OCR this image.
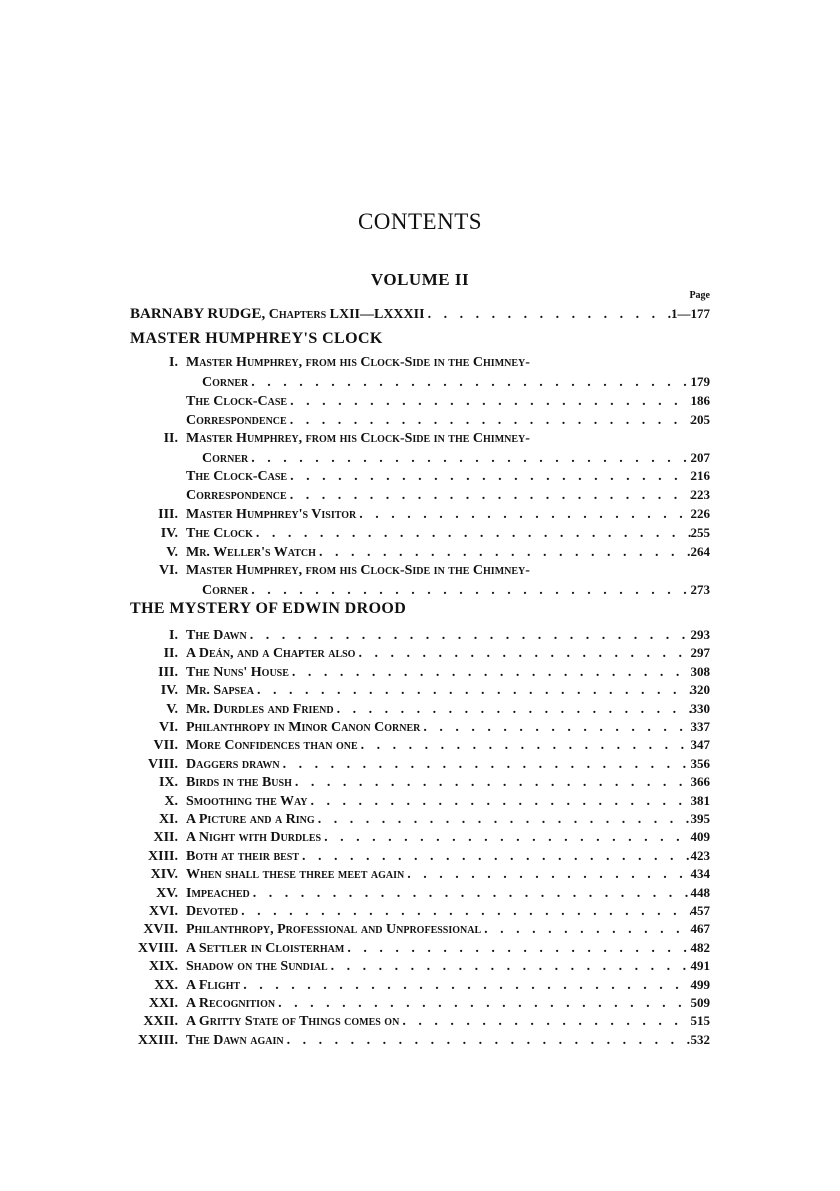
CONTENTS
VOLUME II
Page
BARNABY RUDGE, Chapters LXII—LXXXII . . .	1—177
MASTER HUMPHREY'S CLOCK
I. Master Humphrey, from his Clock-Side in the Chimney-
Corner . . .	179
The Clock-Case . . .	186
Correspondence . . .	205
II. Master Humphrey, from his Clock-Side in the Chimney-
Corner . . .	207
The Clock-Case . . .	216
Correspondence . . .	223
III. Master Humphrey's Visitor . . .	226
IV. The Clock . . .	255
V. Mr. Weller's Watch . . .	264
VI. Master Humphrey, from his Clock-Side in the Chimney-
Corner . . .	273
THE MYSTERY OF EDWIN DROOD
I. The Dawn . . .	293
II. A Deán, and a Chapter also . . .	297
III. The Nuns' House . . .	308
IV. Mr. Sapsea . . .	320
V. Mr. Durdles and Friend . . .	330
VI. Philanthropy in Minor Canon Corner . . .	337
VII. More Confidences than one . . .	347
VIII. Daggers drawn . . .	356
IX. Birds in the Bush . . .	366
X. Smoothing the Way . . .	381
XI. A Picture and a Ring . . .	395
XII. A Night with Durdles . . .	409
XIII. Both at their best . . .	423
XIV. When shall these three meet again . . .	434
XV. Impeached . . .	448
XVI. Devoted . . .	457
XVII. Philanthropy, Professional and Unprofessional . . .	467
XVIII. A Settler in Cloisterham . . .	482
XIX. Shadow on the Sundial . . .	491
XX. A Flight . . .	499
XXI. A Recognition . . .	509
XXII. A Gritty State of Things comes on . . .	515
XXIII. The Dawn again . . .	532
